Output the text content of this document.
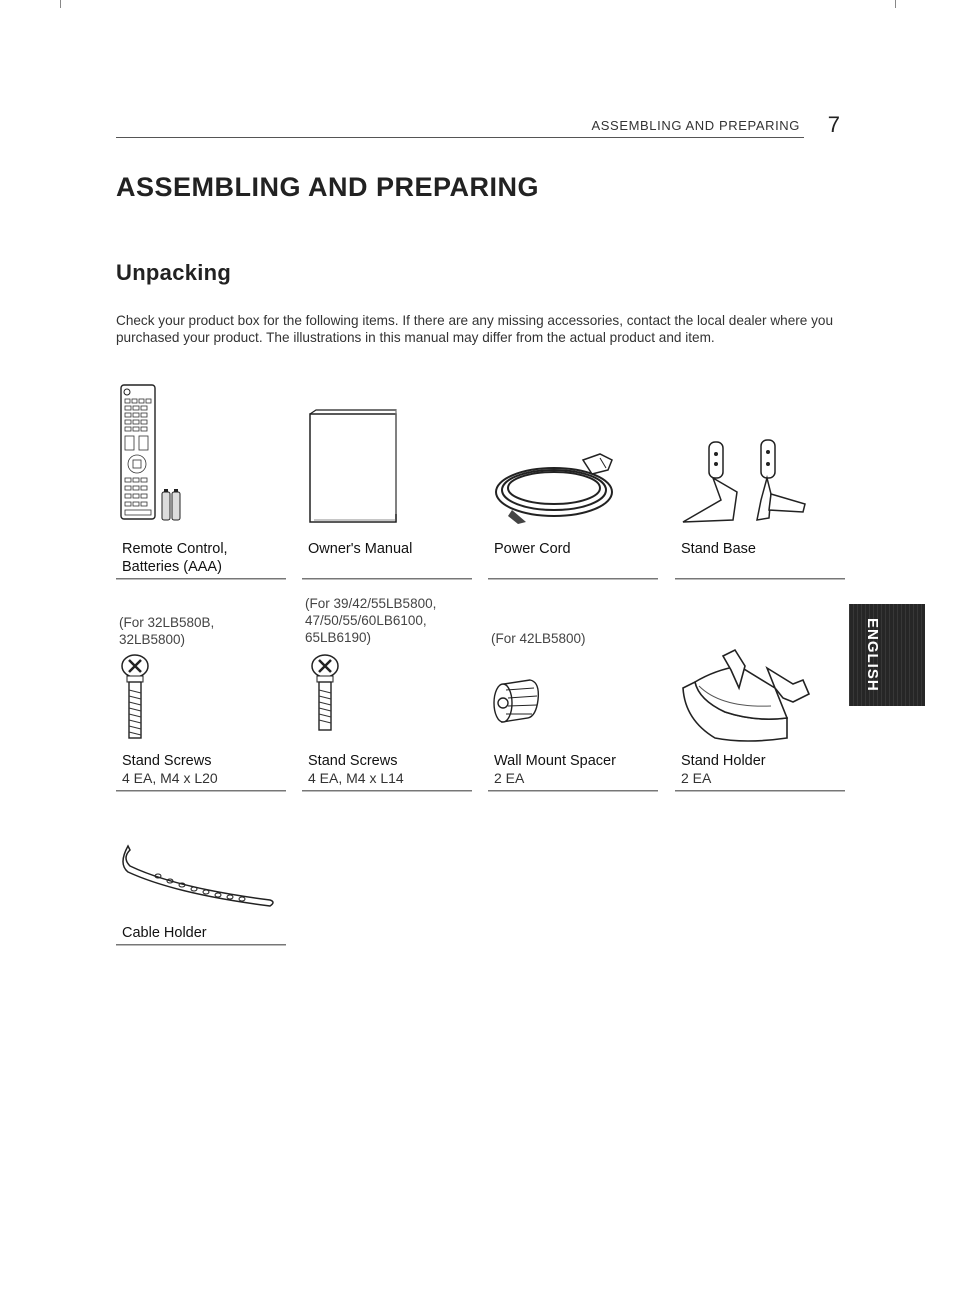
ASSEMBLING AND PREPARING 7
ASSEMBLING AND PREPARING
Unpacking

Check your product box for the following items. If there are any missing accessories, contact the local dealer where you purchased your product. The illustrations in this manual may differ from the actual product and item.

Remote Control,
Batteries (AAA)
Owner's Manual	Power Cord	Stand Base
(For 32LB580B,
32LB5800)
Stand Screws
4 EA, M4 x L20
(For 39/42/55LB5800,
47/50/55/60LB6100,
65LB6190)
Stand Screws
4 EA, M4 x L14
(For 42LB5800)
Wall Mount Spacer
2 EA
Stand Holder
2 EA
Cable Holder
ENGLISH
